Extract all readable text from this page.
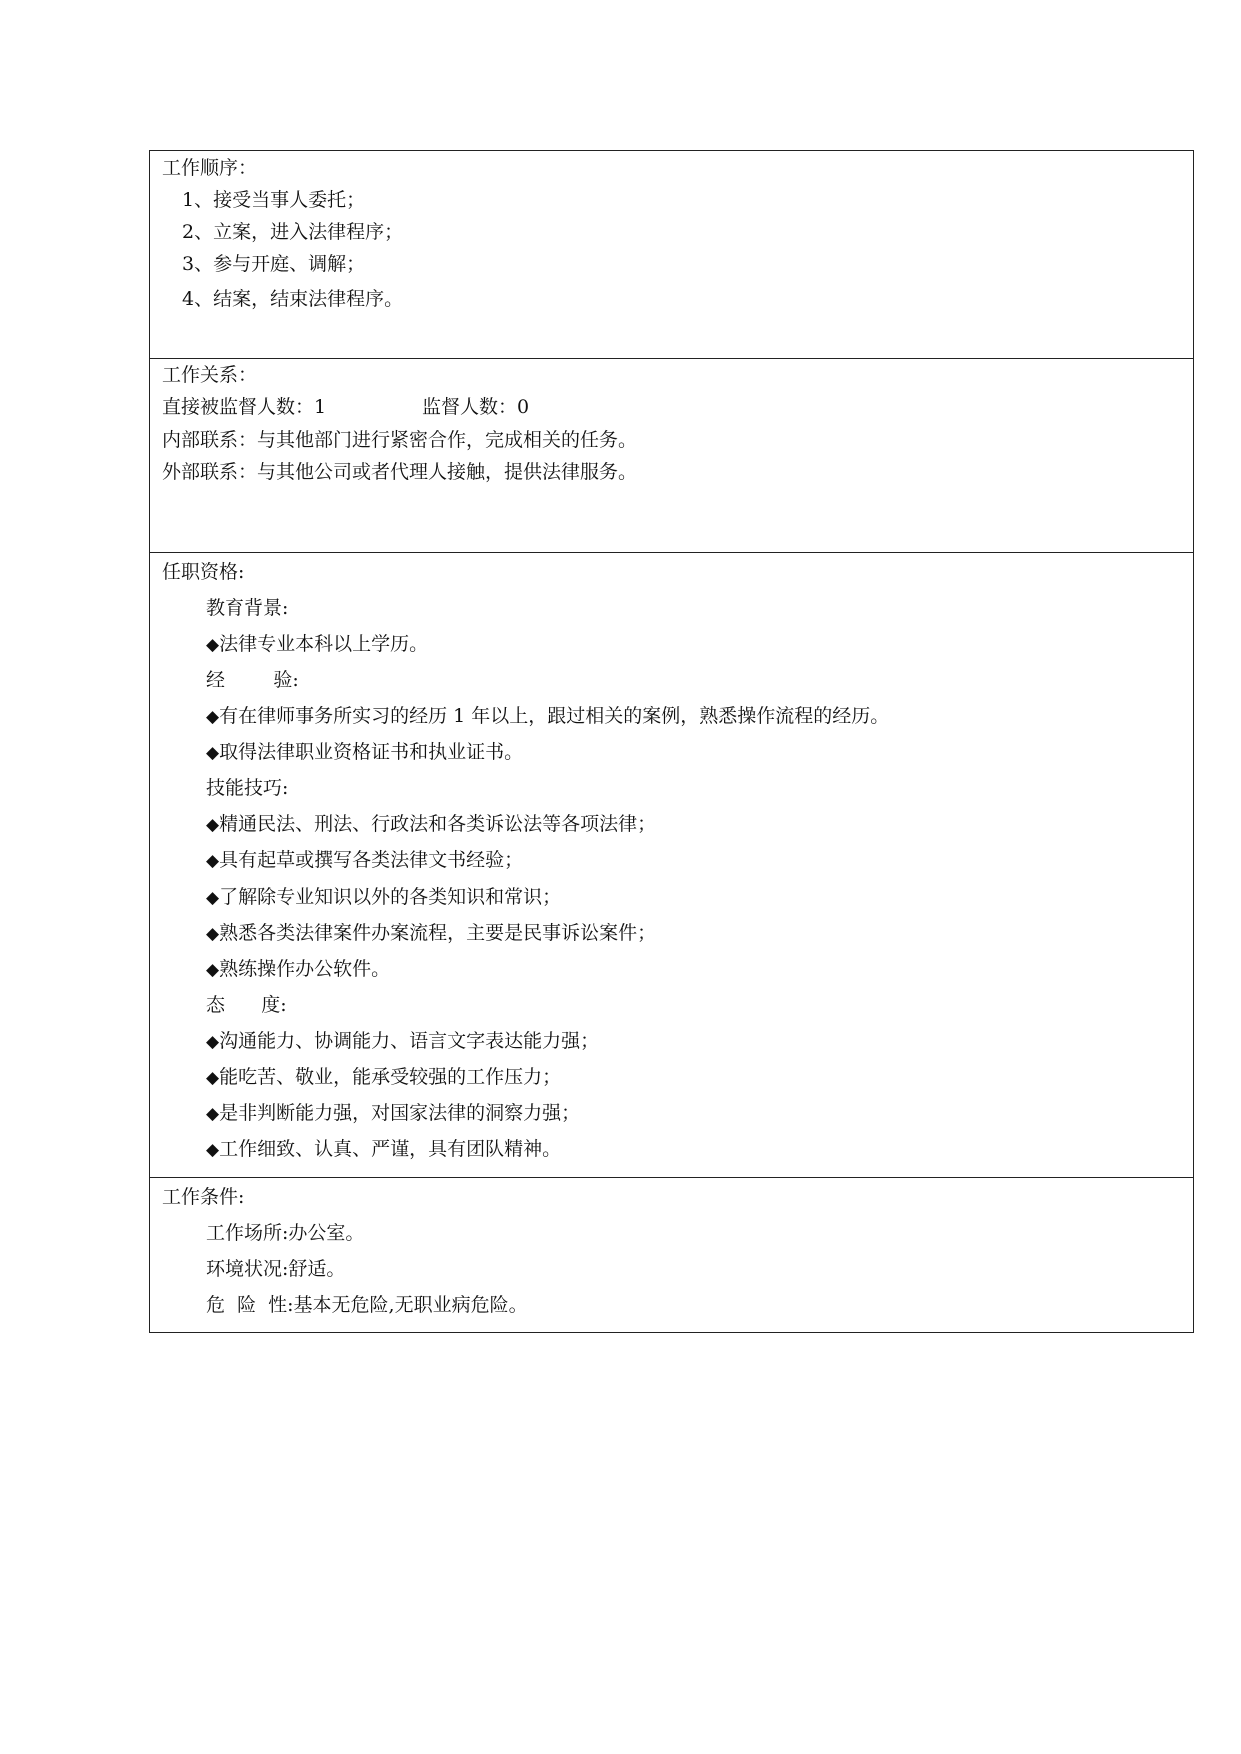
工作顺序：
1、接受当事人委托；
2、立案，进入法律程序；
3、参与开庭、调解；
4、结案，结束法律程序。
工作关系：
直接被监督人数：1	监督人数：0
内部联系：与其他部门进行紧密合作，完成相关的任务。
外部联系：与其他公司或者代理人接触，提供法律服务。
任职资格:
教育背景:
◆法律专业本科以上学历。
经        验:
◆有在律师事务所实习的经历 1 年以上，跟过相关的案例，熟悉操作流程的经历。
◆取得法律职业资格证书和执业证书。
技能技巧:
◆精通民法、刑法、行政法和各类诉讼法等各项法律；
◆具有起草或撰写各类法律文书经验；
◆了解除专业知识以外的各类知识和常识；
◆熟悉各类法律案件办案流程，主要是民事诉讼案件；
◆熟练操作办公软件。
态      度:
◆沟通能力、协调能力、语言文字表达能力强；
◆能吃苦、敬业，能承受较强的工作压力；
◆是非判断能力强，对国家法律的洞察力强；
◆工作细致、认真、严谨，具有团队精神。
工作条件:
工作场所:办公室。
环境状况:舒适。
危  险  性:基本无危险,无职业病危险。
